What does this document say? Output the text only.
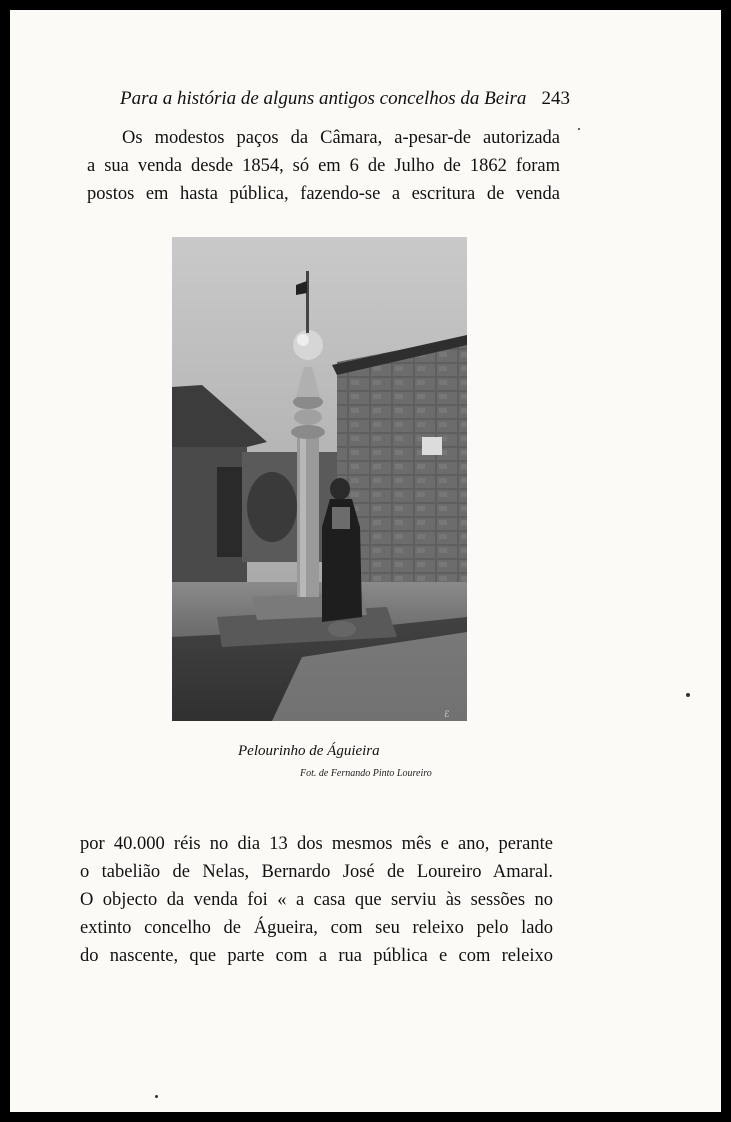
Para a história de alguns antigos concelhos da Beira 243
Os modestos paços da Câmara, a-pesar-de autorizada
a sua venda desde 1854, só em 6 de Julho de 1862 foram
postos em hasta pública, fazendo-se a escritura de venda
ℰ
Pelourinho de Águieira
Fot. de Fernando Pinto Loureiro
por 40.000 réis no dia 13 dos mesmos mês e ano, perante
o tabelião de Nelas, Bernardo José de Loureiro Amaral.
O objecto da venda foi « a casa que serviu às sessões no
extinto concelho de Águeira, com seu releixo pelo lado
do nascente, que parte com a rua pública e com releixo
